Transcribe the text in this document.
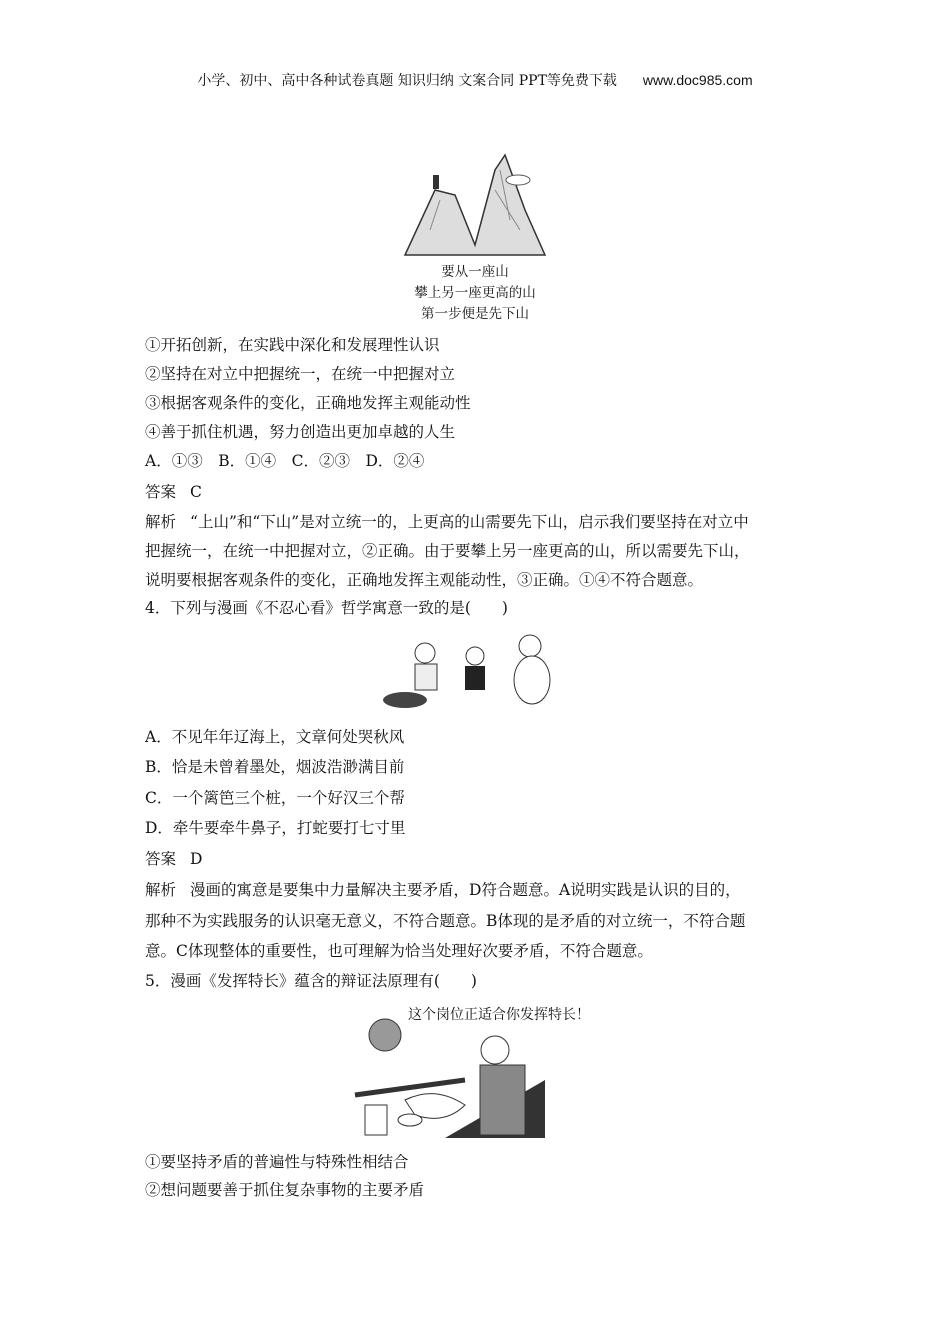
小学、初中、高中各种试卷真题 知识归纳 文案合同 PPT等免费下载 www.doc985.com
要从一座山
攀上另一座更高的山
第一步便是先下山
①开拓创新，在实践中深化和发展理性认识
②坚持在对立中把握统一，在统一中把握对立
③根据客观条件的变化，正确地发挥主观能动性
④善于抓住机遇，努力创造出更加卓越的人生
A．①③　B．①④　C．②③　D．②④
答案 C
解析 “上山”和“下山”是对立统一的，上更高的山需要先下山，启示我们要坚持在对立中
把握统一，在统一中把握对立，②正确。由于要攀上另一座更高的山，所以需要先下山，
说明要根据客观条件的变化，正确地发挥主观能动性，③正确。①④不符合题意。
4．下列与漫画《不忍心看》哲学寓意一致的是(　　)
A．不见年年辽海上，文章何处哭秋风
B．恰是未曾着墨处，烟波浩渺满目前
C．一个篱笆三个桩，一个好汉三个帮
D．牵牛要牵牛鼻子，打蛇要打七寸里
答案 D
解析 漫画的寓意是要集中力量解决主要矛盾，D符合题意。A说明实践是认识的目的，
那种不为实践服务的认识毫无意义，不符合题意。B体现的是矛盾的对立统一，不符合题
意。C体现整体的重要性，也可理解为恰当处理好次要矛盾，不符合题意。
5．漫画《发挥特长》蕴含的辩证法原理有(　　)
这个岗位正适合你发挥特长！
①要坚持矛盾的普遍性与特殊性相结合
②想问题要善于抓住复杂事物的主要矛盾
